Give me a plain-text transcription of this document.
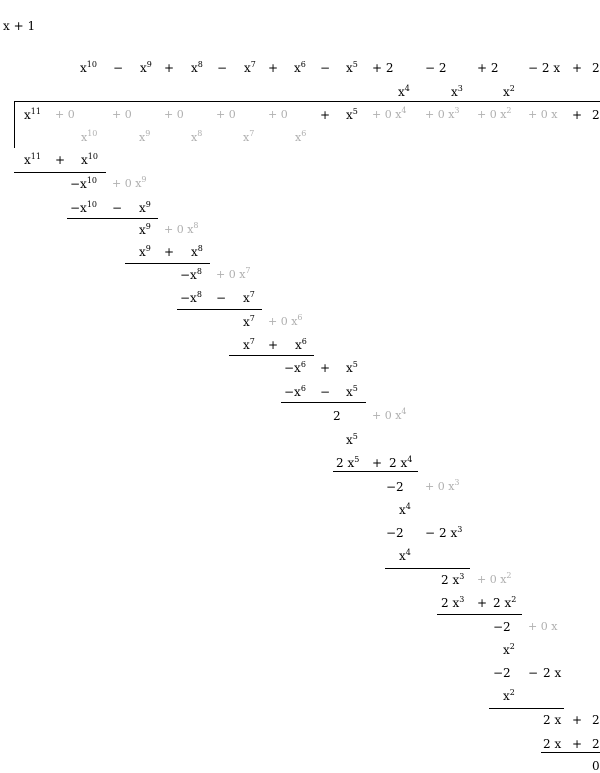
x + 1
$x^{10} - x^9 + x^8 - x^7 + x^6 - x^5 + 2$	− 2	+ 2 − 2 x + 2
$x^4$	$x^3$	$x^2$
$x^{11} + 0$	+ 0	+ 0	+ 0	+ 0	+ $x^5 + 0$ $x^4 + 0$ $x^3 + 0$ $x^2 + 0$ x + 2
$x^{10}$	$x^9$	$x^8$	$x^7$	$x^6$
$x^{11} + x^{10}$
$-x^{10} + 0$ $x^9$
$-x^{10} - x^9$
$x^9 + 0$ $x^8$
$x^9 + x^8$
$-x^8 + 0$ $x^7$
$-x^8 - x^7$
$x^7 + 0$ $x^6$
$x^7 + x^6$
$-x^6 + x^5$
$-x^6 - x^5$
2	+ 0 $x^4$
$x^5$
2 $x^5 + 2$ $x^4$
−2 + 0 $x^3$
$x^4$
−2 − 2 $x^3$
$x^4$
2 $x^3 + 0$ $x^2$
2 $x^3 + 2$ $x^2$
−2 + 0 x
$x^2$
−2 − 2 x
$x^2$
2 x + 2
2 x + 2
0
